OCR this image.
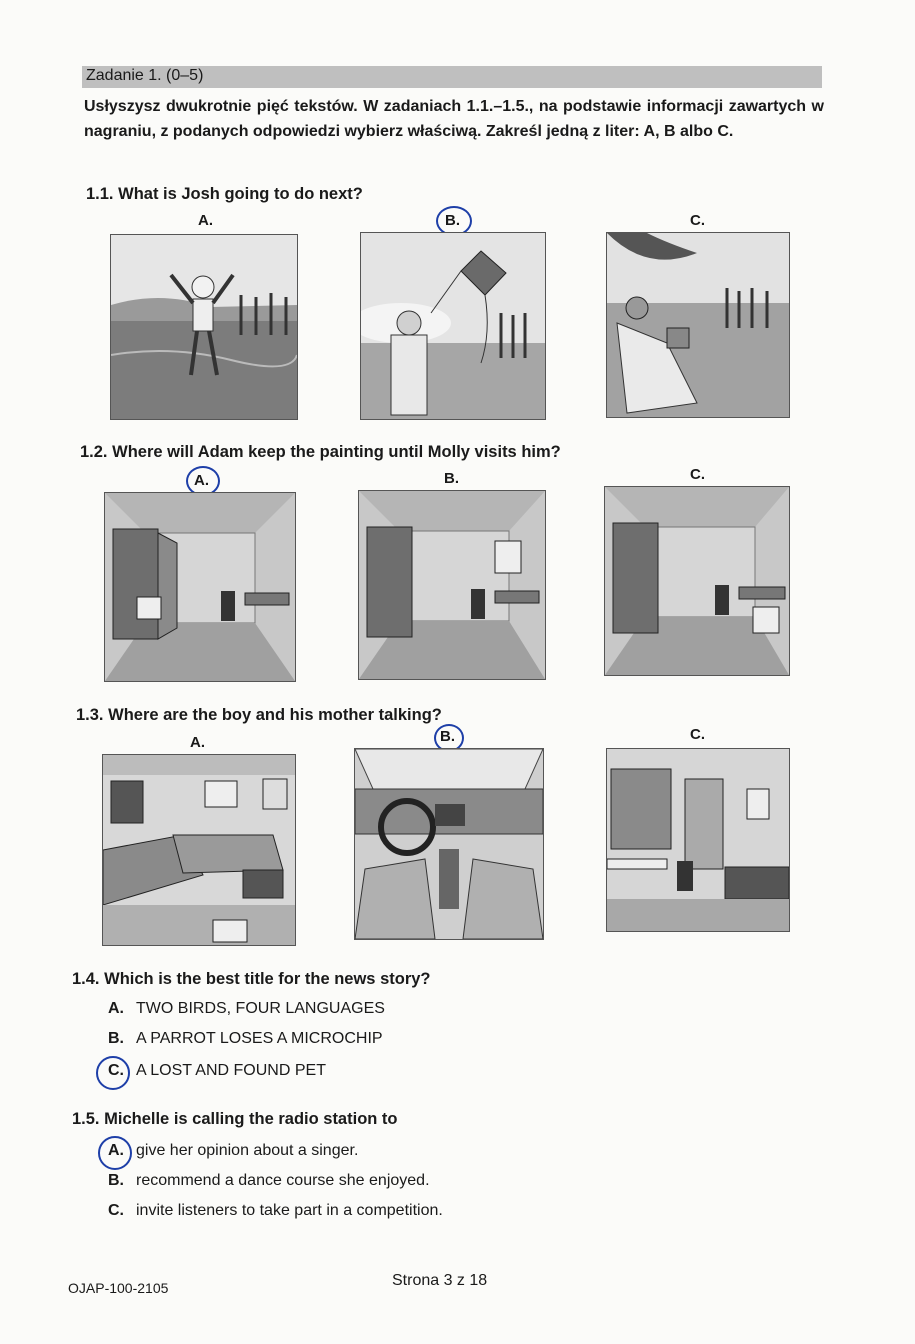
Zadanie 1. (0–5)
Usłyszysz dwukrotnie pięć tekstów. W zadaniach 1.1.–1.5., na podstawie informacji zawartych w nagraniu, z podanych odpowiedzi wybierz właściwą. Zakreśl jedną z liter: A, B albo C.
1.1. What is Josh going to do next?
A.	B.	C.
1.2. Where will Adam keep the painting until Molly visits him?
A.	B.	C.
1.3. Where are the boy and his mother talking?
A.	B.	C.
1.4. Which is the best title for the news story?
A. TWO BIRDS, FOUR LANGUAGES
B. A PARROT LOSES A MICROCHIP
C. A LOST AND FOUND PET
1.5. Michelle is calling the radio station to
A. give her opinion about a singer.
B. recommend a dance course she enjoyed.
C. invite listeners to take part in a competition.
OJAP-100-2105	Strona 3 z 18
